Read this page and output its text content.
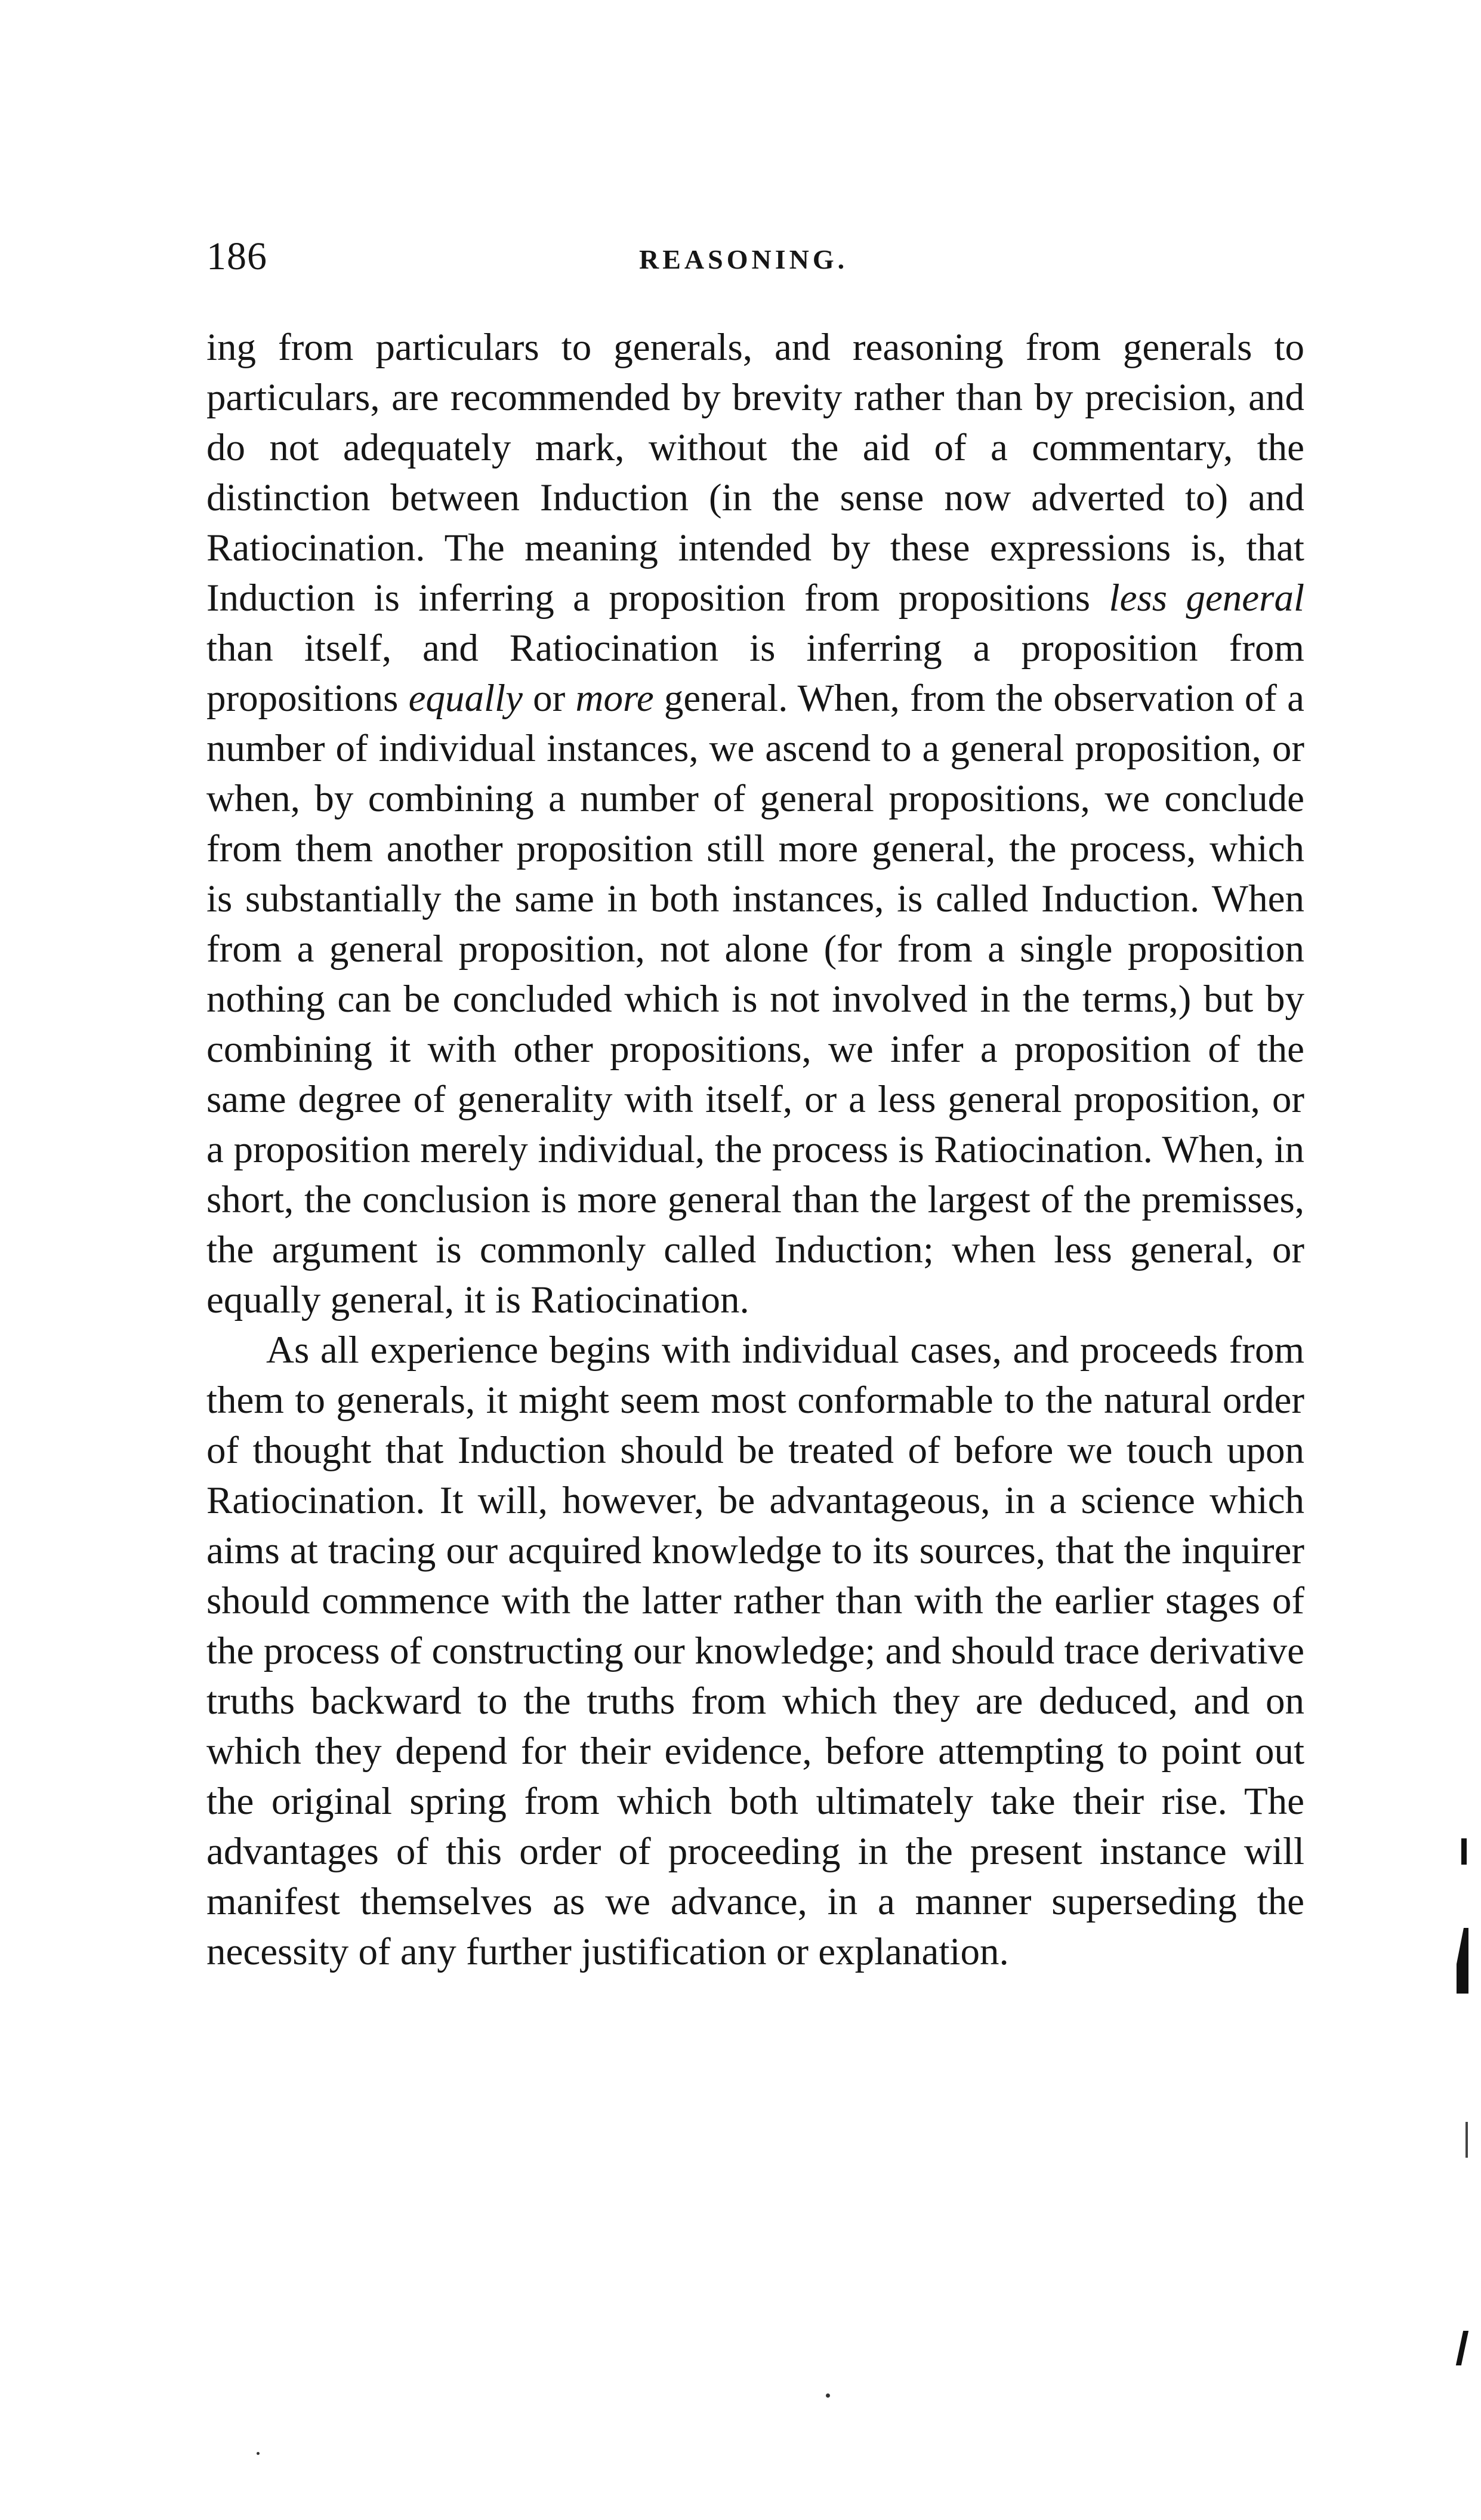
186	REASONING.

ing from particulars to generals, and reasoning from generals to particulars, are recommended by brevity rather than by precision, and do not adequately mark, without the aid of a commentary, the distinction between Induction (in the sense now adverted to) and Ratiocination. The meaning intended by these expressions is, that Induction is inferring a proposition from propositions less general than itself, and Ratiocination is inferring a proposition from propositions equally or more general. When, from the observation of a number of individual instances, we ascend to a general proposition, or when, by combining a number of general propositions, we conclude from them another proposition still more general, the process, which is substantially the same in both instances, is called Induction. When from a general proposition, not alone (for from a single proposition nothing can be concluded which is not involved in the terms,) but by combining it with other propositions, we infer a proposition of the same degree of generality with itself, or a less general proposition, or a proposition merely individual, the process is Ratiocination. When, in short, the conclusion is more general than the largest of the premisses, the argument is commonly called Induction; when less general, or equally general, it is Ratiocination.

As all experience begins with individual cases, and proceeds from them to generals, it might seem most conformable to the natural order of thought that Induction should be treated of before we touch upon Ratiocination. It will, however, be advantageous, in a science which aims at tracing our acquired knowledge to its sources, that the inquirer should commence with the latter rather than with the earlier stages of the process of constructing our knowledge; and should trace derivative truths backward to the truths from which they are deduced, and on which they depend for their evidence, before attempting to point out the original spring from which both ultimately take their rise. The advantages of this order of proceeding in the present instance will manifest themselves as we advance, in a manner superseding the necessity of any further justification or explanation.
